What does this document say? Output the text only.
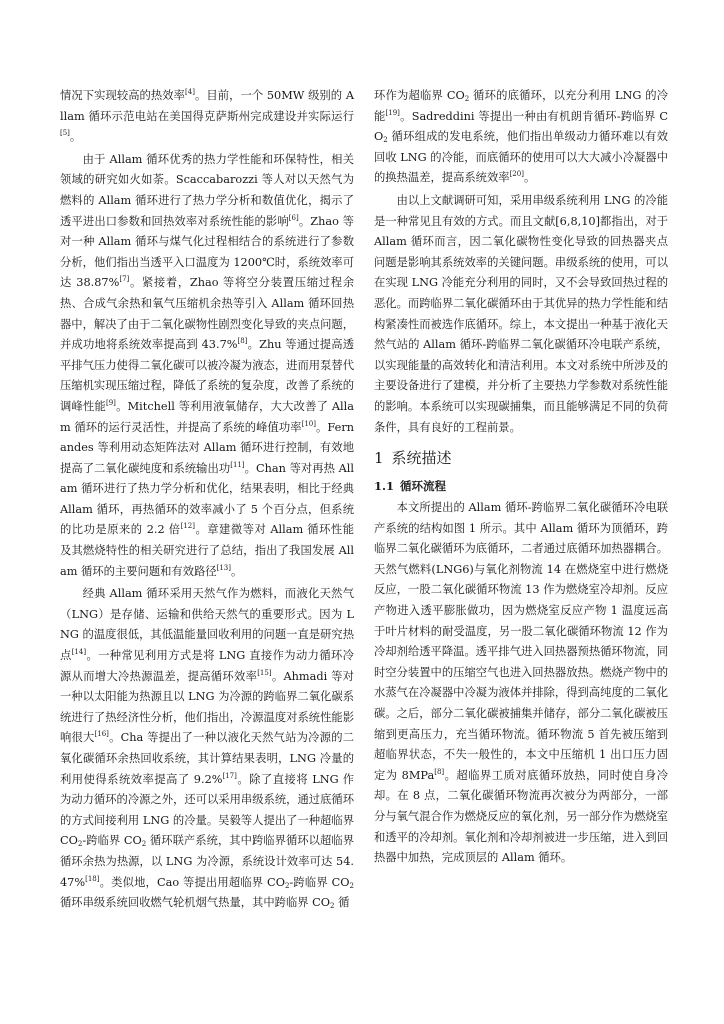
情况下实现较高的热效率[4]。目前，一个 50MW 级别的 Allam 循环示范电站在美国得克萨斯州完成建设并实际运行[5]。

由于 Allam 循环优秀的热力学性能和环保特性，相关领域的研究如火如荼。Scaccabarozzi 等人对以天然气为燃料的 Allam 循环进行了热力学分析和数值优化，揭示了透平进出口参数和回热效率对系统性能的影响[6]。Zhao 等对一种 Allam 循环与煤气化过程相结合的系统进行了参数分析，他们指出当透平入口温度为 1200℃时，系统效率可达 38.87%[7]。紧接着，Zhao 等将空分装置压缩过程余热、合成气余热和氧气压缩机余热等引入 Allam 循环回热器中，解决了由于二氧化碳物性剧烈变化导致的夹点问题，并成功地将系统效率提高到 43.7%[8]。Zhu 等通过提高透平排气压力使得二氧化碳可以被冷凝为液态，进而用泵替代压缩机实现压缩过程，降低了系统的复杂度，改善了系统的调峰性能[9]。Mitchell 等利用液氧储存，大大改善了 Allam 循环的运行灵活性，并提高了系统的峰值功率[10]。Fernandes 等利用动态矩阵法对 Allam 循环进行控制，有效地提高了二氧化碳纯度和系统输出功[11]。Chan 等对再热 Allam 循环进行了热力学分析和优化，结果表明，相比于经典 Allam 循环，再热循环的效率减小了 5 个百分点，但系统的比功是原来的 2.2 倍[12]。章建微等对 Allam 循环性能及其燃烧特性的相关研究进行了总结，指出了我国发展 Allam 循环的主要问题和有效路径[13]。

经典 Allam 循环采用天然气作为燃料，而液化天然气（LNG）是存储、运输和供给天然气的重要形式。因为 LNG 的温度很低，其低温能量回收利用的问题一直是研究热点[14]。一种常见利用方式是将 LNG 直接作为动力循环冷源从而增大冷热源温差，提高循环效率[15]。Ahmadi 等对一种以太阳能为热源且以 LNG 为冷源的跨临界二氧化碳系统进行了热经济性分析，他们指出，冷源温度对系统性能影响很大[16]。Cha 等提出了一种以液化天然气站为冷源的二氧化碳循环余热回收系统，其计算结果表明，LNG 冷量的利用使得系统效率提高了 9.2%[17]。除了直接将 LNG 作为动力循环的冷源之外，还可以采用串级系统，通过底循环的方式间接利用 LNG 的冷量。吴毅等人提出了一种超临界 $CO_2-$跨临界 $CO_2$ 循环联产系统，其中跨临界循环以超临界循环余热为热源，以 LNG 为冷源，系统设计效率可达 54.47%[18]。类似地，Cao 等提出用超临界 $CO_2-$跨临界 $CO_2$ 循环串级系统回收燃气轮机烟气热量，其中跨临界 $CO_2$ 循

环作为超临界 $CO_2$ 循环的底循环，以充分利用 LNG 的冷能[19]。Sadreddini 等提出一种由有机朗肯循环-跨临界 $CO_2$ 循环组成的发电系统，他们指出单级动力循环难以有效回收 LNG 的冷能，而底循环的使用可以大大减小冷凝器中的换热温差，提高系统效率[20]。

由以上文献调研可知，采用串级系统利用 LNG 的冷能是一种常见且有效的方式。而且文献[6,8,10]都指出，对于 Allam 循环而言，因二氧化碳物性变化导致的回热器夹点问题是影响其系统效率的关键问题。串级系统的使用，可以在实现 LNG 冷能充分利用的同时，又不会导致回热过程的恶化。而跨临界二氧化碳循环由于其优异的热力学性能和结构紧凑性而被选作底循环。综上，本文提出一种基于液化天然气站的 Allam 循环-跨临界二氧化碳循环冷电联产系统，以实现能量的高效转化和清洁利用。本文对系统中所涉及的主要设备进行了建模，并分析了主要热力学参数对系统性能的影响。本系统可以实现碳捕集，而且能够满足不同的负荷条件，具有良好的工程前景。

1 系统描述
1.1 循环流程

本文所提出的 Allam 循环-跨临界二氧化碳循环冷电联产系统的结构如图 1 所示。其中 Allam 循环为顶循环，跨临界二氧化碳循环为底循环，二者通过底循环加热器耦合。天然气燃料(LNG6)与氧化剂物流 14 在燃烧室中进行燃烧反应，一股二氧化碳循环物流 13 作为燃烧室冷却剂。反应产物进入透平膨胀做功，因为燃烧室反应产物 1 温度远高于叶片材料的耐受温度，另一股二氧化碳循环物流 12 作为冷却剂给透平降温。透平排气进入回热器预热循环物流，同时空分装置中的压缩空气也进入回热器放热。燃烧产物中的水蒸气在冷凝器中冷凝为液体并排除，得到高纯度的二氧化碳。之后，部分二氧化碳被捕集并储存，部分二氧化碳被压缩到更高压力，充当循环物流。循环物流 5 首先被压缩到超临界状态，不失一般性的，本文中压缩机 1 出口压力固定为 8MPa[8]。超临界工质对底循环放热，同时使自身冷却。在 8 点，二氧化碳循环物流再次被分为两部分，一部分与氧气混合作为燃烧反应的氧化剂，另一部分作为燃烧室和透平的冷却剂。氧化剂和冷却剂被进一步压缩，进入到回热器中加热，完成顶层的 Allam 循环。
